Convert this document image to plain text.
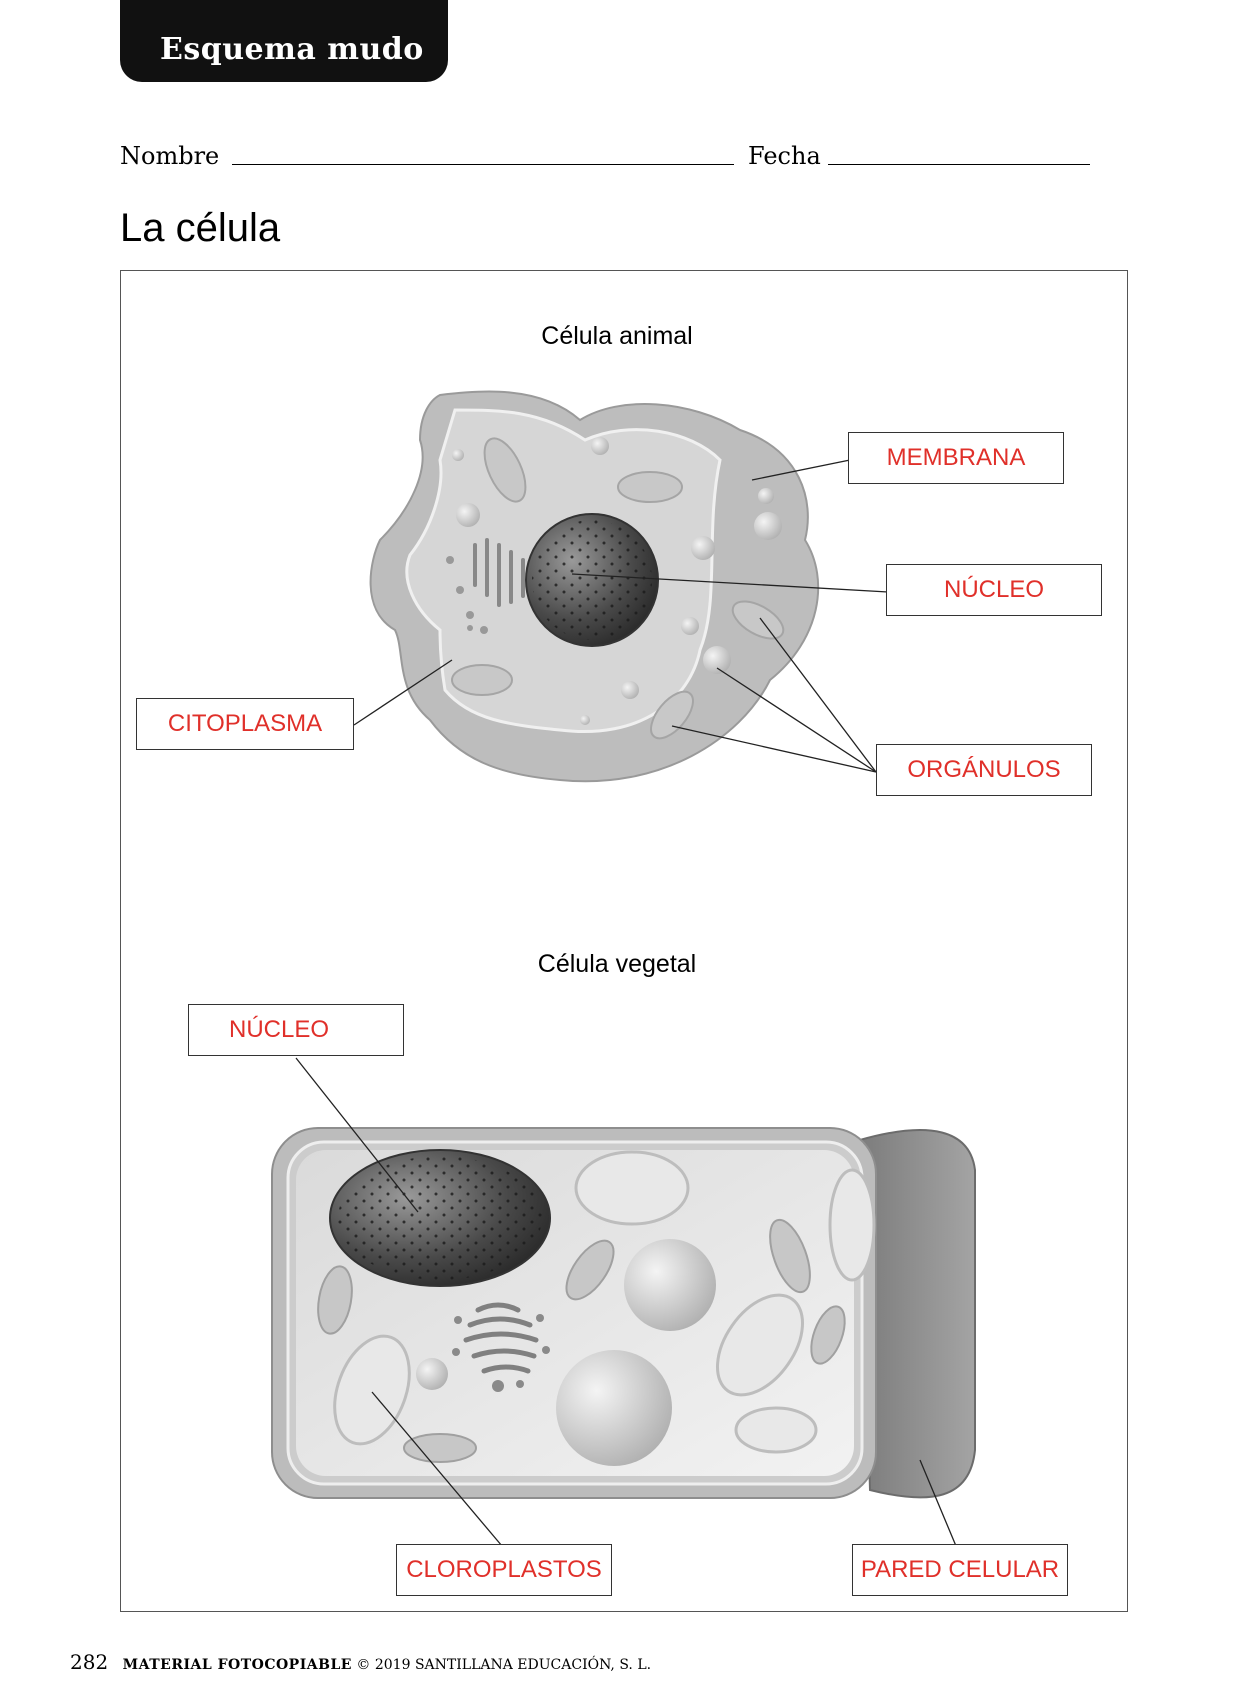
Esquema mudo
Nombre	Fecha
La célula
Célula animal
Célula vegetal
MEMBRANA
NÚCLEO
CITOPLASMA
ORGÁNULOS
NÚCLEO
CLOROPLASTOS	PARED CELULAR
282 MATERIAL FOTOCOPIABLE © 2019 SANTILLANA EDUCACIÓN, S. L.
